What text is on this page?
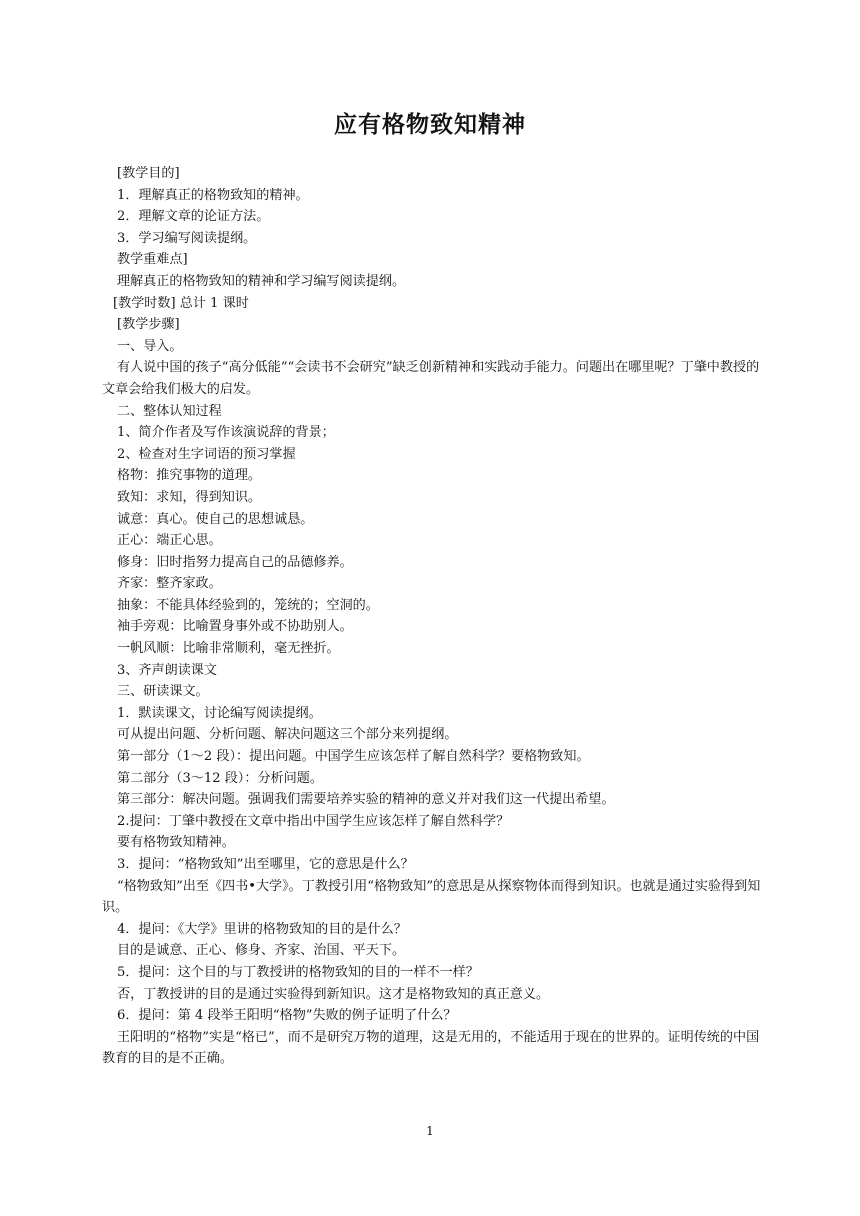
应有格物致知精神

[教学目的]

1．理解真正的格物致知的精神。

2．理解文章的论证方法。

3．学习编写阅读提纲。

教学重难点]

理解真正的格物致知的精神和学习编写阅读提纲。

[教学时数] 总计 1 课时

[教学步骤]

一、导入。

有人说中国的孩子“高分低能”“会读书不会研究”缺乏创新精神和实践动手能力。问题出在哪里呢？丁肇中教授的文章会给我们极大的启发。

二、整体认知过程

1、简介作者及写作该演说辞的背景；

2、检查对生字词语的预习掌握

格物：推究事物的道理。

致知：求知，得到知识。

诚意：真心。使自己的思想诚恳。

正心：端正心思。

修身：旧时指努力提高自己的品德修养。

齐家：整齐家政。

抽象：不能具体经验到的，笼统的；空洞的。

袖手旁观：比喻置身事外或不协助别人。

一帆风顺：比喻非常顺利，毫无挫折。

3、齐声朗读课文

三、研读课文。

1．默读课文，讨论编写阅读提纲。

可从提出问题、分析问题、解决问题这三个部分来列提纲。

第一部分（1～2 段）：提出问题。中国学生应该怎样了解自然科学？要格物致知。

第二部分（3～12 段）：分析问题。

第三部分：解决问题。强调我们需要培养实验的精神的意义并对我们这一代提出希望。

2.提问：丁肇中教授在文章中指出中国学生应该怎样了解自然科学？

要有格物致知精神。

3．提问：“格物致知”出至哪里，它的意思是什么？

“格物致知”出至《四书•大学》。丁教授引用“格物致知”的意思是从探察物体而得到知识。也就是通过实验得到知识。

4．提问：《大学》里讲的格物致知的目的是什么？

目的是诚意、正心、修身、齐家、治国、平天下。

5．提问：这个目的与丁教授讲的格物致知的目的一样不一样？

否，丁教授讲的目的是通过实验得到新知识。这才是格物致知的真正意义。

6．提问：第 4 段举王阳明“格物”失败的例子证明了什么？

王阳明的“格物”实是“格已”，而不是研究万物的道理，这是无用的，不能适用于现在的世界的。证明传统的中国教育的目的是不正确。

1
